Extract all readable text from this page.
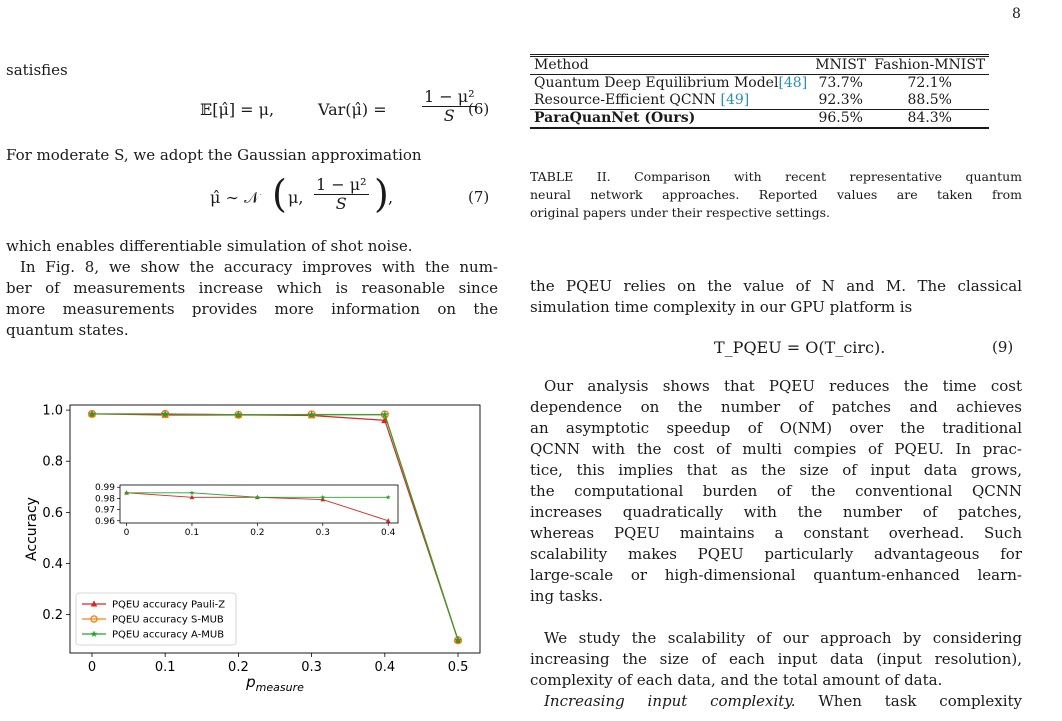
8
satisfies
𝔼[μ̂] = μ,	Var(μ̂) = $\frac{\text{1 − μ²}}{S}$
(6)
For moderate S, we adopt the Gaussian approximation
μ̂ ∼ 𝒩 ( μ, $\frac{\text{1 − μ²}}{S}$ ) ,	(7)
which enables differentiable simulation of shot noise.
In Fig. 8, we show the accuracy improves with the num-
ber of measurements increase which is reasonable since
more measurements provides more information on the
quantum states.
0	0.1	0.2	0.3	0.4	0.5
0.2
0.4
0.6
0.8
1.0
$p_{measure}$
Accuracy	0	0.1	0.2	0.3	0.4
0.99
0.98
0.97
0.96
PQEU accuracy Pauli-Z
PQEU accuracy S-MUB
PQEU accuracy A-MUB
Method	MNIST	Fashion-MNIST
Quantum Deep Equilibrium Model[48]	73.7%	72.1%
Resource-Efficient QCNN [49]	92.3%	88.5%
ParaQuanNet (Ours)	96.5%	84.3%
TABLE II. Comparison with recent representative quantum
neural network approaches. Reported values are taken from
original papers under their respective settings.
the PQEU relies on the value of N and M. The classical
simulation time complexity in our GPU platform is
T_PQEU = O(T_circ).	(9)
Our analysis shows that PQEU reduces the time cost
dependence on the number of patches and achieves
an asymptotic speedup of O(NM) over the traditional
QCNN with the cost of multi compies of PQEU. In prac-
tice, this implies that as the size of input data grows,
the computational burden of the conventional QCNN
increases quadratically with the number of patches,
whereas PQEU maintains a constant overhead. Such
scalability makes PQEU particularly advantageous for
large-scale or high-dimensional quantum-enhanced learn-
ing tasks.
We study the scalability of our approach by considering
increasing the size of each input data (input resolution),
complexity of each data, and the total amount of data.
Increasing input complexity. When task complexity
